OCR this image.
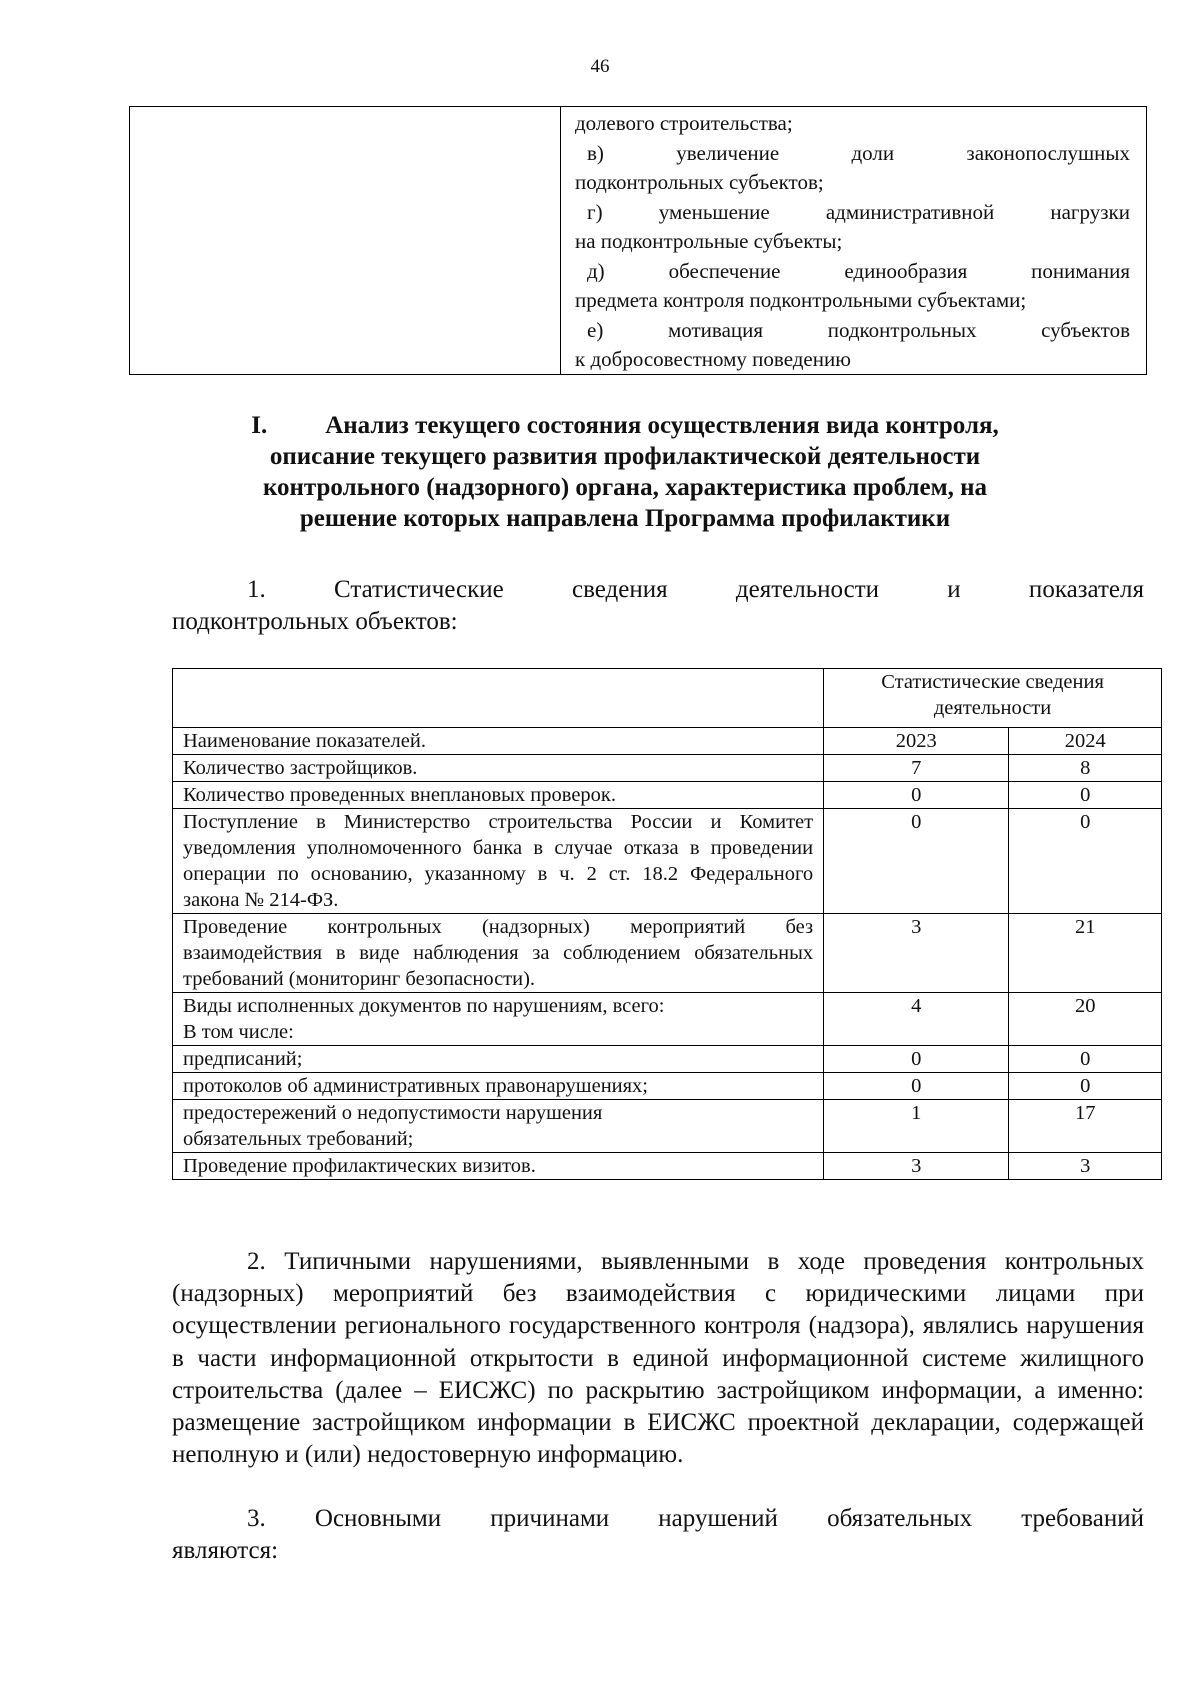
46
долевого строительства;
в) увеличение доли законопослушных
подконтрольных субъектов;
г) уменьшение административной нагрузки
на подконтрольные субъекты;
д) обеспечение единообразия понимания
предмета контроля подконтрольными субъектами;
е) мотивация подконтрольных субъектов
к добросовестному поведению
I. Анализ текущего состояния осуществления вида контроля,
описание текущего развития профилактической деятельности
контрольного (надзорного) органа, характеристика проблем, на
решение которых направлена Программа профилактики
1. Статистические сведения деятельности и показателя
подконтрольных объектов:
	Статистические сведения деятельности	
Наименование показателей.	2023	2024
Количество застройщиков.	7	8
Количество проведенных внеплановых проверок.	0	0
Поступление в Министерство строительства России и Комитет уведомления уполномоченного банка в случае отказа в проведении операции по основанию, указанному в ч. 2 ст. 18.2 Федерального закона № 214-ФЗ.	0	0
Проведение контрольных (надзорных) мероприятий без взаимодействия в виде наблюдения за соблюдением обязательных требований (мониторинг безопасности).	3	21

Виды исполненных документов по нарушениям, всего:
В том числе:	4	20
предписаний;	0	0
протоколов об административных правонарушениях;	0	0

предостережений о недопустимости нарушения
обязательных требований;	1	17
Проведение профилактических визитов.	3	3
2. Типичными нарушениями, выявленными в ходе проведения контрольных (надзорных) мероприятий без взаимодействия с юридическими лицами при осуществлении регионального государственного контроля (надзора), являлись нарушения в части информационной открытости в единой информационной системе жилищного строительства (далее – ЕИСЖС) по раскрытию застройщиком информации, а именно: размещение застройщиком информации в ЕИСЖС проектной декларации, содержащей неполную и (или) недостоверную информацию.
3. Основными причинами нарушений обязательных требований
являются:
